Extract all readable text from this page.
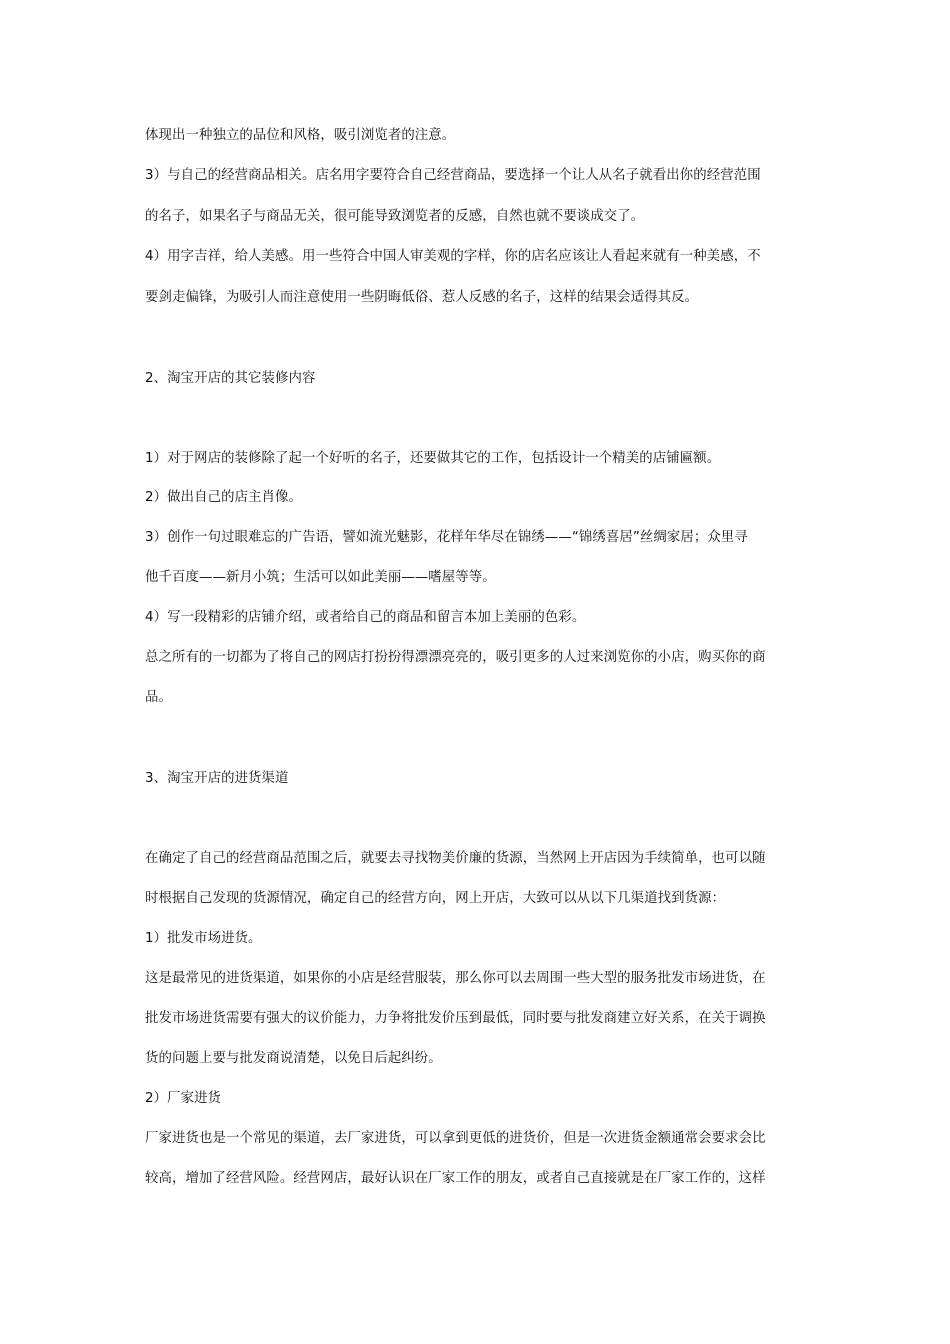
体现出一种独立的品位和风格，吸引浏览者的注意。
3）与自己的经营商品相关。店名用字要符合自己经营商品，要选择一个让人从名子就看出你的经营范围
的名子，如果名子与商品无关，很可能导致浏览者的反感，自然也就不要谈成交了。
4）用字吉祥，给人美感。用一些符合中国人审美观的字样，你的店名应该让人看起来就有一种美感，不
要剑走偏锋，为吸引人而注意使用一些阴晦低俗、惹人反感的名子，这样的结果会适得其反。
2、淘宝开店的其它装修内容
1）对于网店的装修除了起一个好听的名子，还要做其它的工作，包括设计一个精美的店铺匾额。
2）做出自己的店主肖像。
3）创作一句过眼难忘的广告语，譬如流光魅影，花样年华尽在锦绣——“锦绣喜居”丝绸家居；众里寻
他千百度——新月小筑；生活可以如此美丽——嗜屋等等。
4）写一段精彩的店铺介绍，或者给自己的商品和留言本加上美丽的色彩。
总之所有的一切都为了将自己的网店打扮扮得漂漂亮亮的，吸引更多的人过来浏览你的小店，购买你的商
品。
3、淘宝开店的进货渠道
在确定了自己的经营商品范围之后，就要去寻找物美价廉的货源，当然网上开店因为手续简单，也可以随
时根据自己发现的货源情况，确定自己的经营方向，网上开店，大致可以从以下几渠道找到货源：
1）批发市场进货。
这是最常见的进货渠道，如果你的小店是经营服装，那么你可以去周围一些大型的服务批发市场进货，在
批发市场进货需要有强大的议价能力，力争将批发价压到最低，同时要与批发商建立好关系，在关于调换
货的问题上要与批发商说清楚，以免日后起纠纷。
2）厂家进货
厂家进货也是一个常见的渠道，去厂家进货，可以拿到更低的进货价，但是一次进货金额通常会要求会比
较高，增加了经营风险。经营网店，最好认识在厂家工作的朋友，或者自己直接就是在厂家工作的，这样
